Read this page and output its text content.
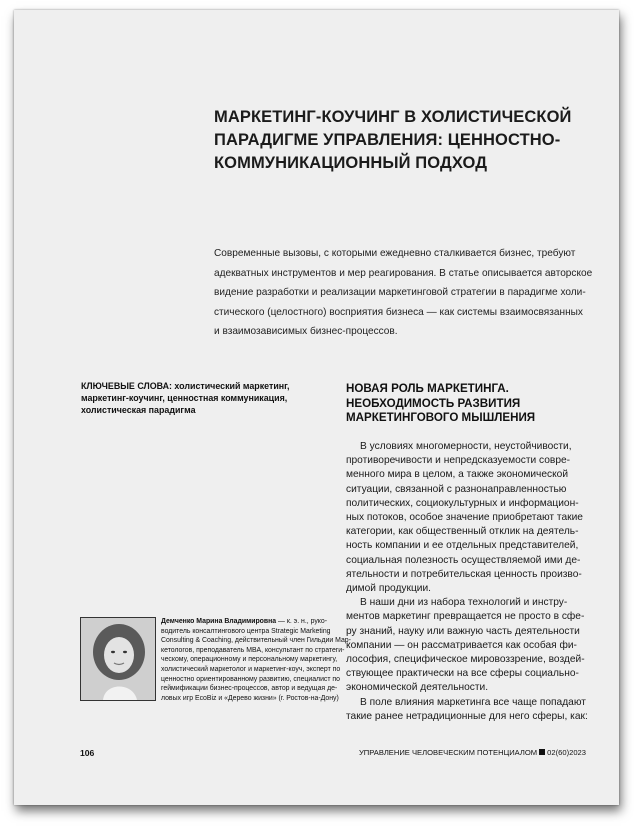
МАРКЕТИНГ-КОУЧИНГ В ХОЛИСТИЧЕСКОЙ
ПАРАДИГМЕ УПРАВЛЕНИЯ: ЦЕННОСТНО-
КОММУНИКАЦИОННЫЙ ПОДХОД
Современные вызовы, с которыми ежедневно сталкивается бизнес, требуют
адекватных инструментов и мер реагирования. В статье описывается авторское
видение разработки и реализации маркетинговой стратегии в парадигме холи-
стического (целостного) восприятия бизнеса — как системы взаимосвязанных
и взаимозависимых бизнес-процессов.
КЛЮЧЕВЫЕ СЛОВА: холистический маркетинг, маркетинг-коучинг, ценностная коммуникация, холистическая парадигма
НОВАЯ РОЛЬ МАРКЕТИНГА.
НЕОБХОДИМОСТЬ РАЗВИТИЯ
МАРКЕТИНГОВОГО МЫШЛЕНИЯ
В условиях многомерности, неустойчивости,
противоречивости и непредсказуемости совре-
менного мира в целом, а также экономической
ситуации, связанной с разнонаправленностью
политических, социокультурных и информацион-
ных потоков, особое значение приобретают такие
категории, как общественный отклик на деятель-
ность компании и ее отдельных представителей,
социальная полезность осуществляемой ими де-
ятельности и потребительская ценность произво-
димой продукции.
В наши дни из набора технологий и инстру-
ментов маркетинг превращается не просто в сфе-
ру знаний, науку или важную часть деятельности
компании — он рассматривается как особая фи-
лософия, специфическое мировоззрение, воздей-
ствующее практически на все сферы социально-
экономической деятельности.
В поле влияния маркетинга все чаще попадают
такие ранее нетрадиционные для него сферы, как:
Демченко Марина Владимировна — к. э. н., руко-
водитель консалтингового центра Strategic Marketing
Consulting & Coaching, действительный член Гильдии Мар-
кетологов, преподаватель MBA, консультант по стратеги-
ческому, операционному и персональному маркетингу,
холистический маркетолог и маркетинг-коуч, эксперт по
ценностно ориентированному развитию, специалист по
геймификации бизнес-процессов, автор и ведущая де-
ловых игр EcoBiz и «Дерево жизни» (г. Ростов-на-Дону)
106	УПРАВЛЕНИЕ ЧЕЛОВЕЧЕСКИМ ПОТЕНЦИАЛОМ 02(60)2023
